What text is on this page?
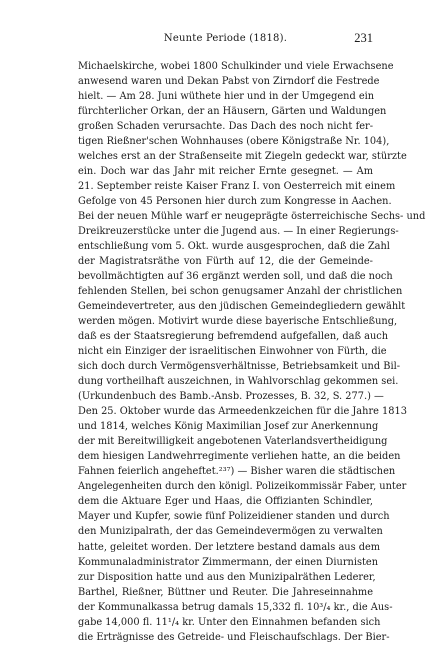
Neunte Periode (1818).	231
Michaelskirche, wobei 1800 Schulkinder und viele Erwachsene
anwesend waren und Dekan Pabst von Zirndorf die Festrede
hielt. — Am 28. Juni wüthete hier und in der Umgegend ein
fürchterlicher Orkan, der an Häusern, Gärten und Waldungen
großen Schaden verursachte. Das Dach des noch nicht fer-
tigen Rießner'schen Wohnhauses (obere Königstraße Nr. 104),
welches erst an der Straßenseite mit Ziegeln gedeckt war, stürzte
ein. Doch war das Jahr mit reicher Ernte gesegnet. — Am
21. September reiste Kaiser Franz I. von Oesterreich mit einem
Gefolge von 45 Personen hier durch zum Kongresse in Aachen.
Bei der neuen Mühle warf er neugeprägte österreichische Sechs- und
Dreikreuzerstücke unter die Jugend aus. — In einer Regierungs-
entschließung vom 5. Okt. wurde ausgesprochen, daß die Zahl
der Magistratsräthe von Fürth auf 12, die der Gemeinde-
bevollmächtigten auf 36 ergänzt werden soll, und daß die noch
fehlenden Stellen, bei schon genugsamer Anzahl der christlichen
Gemeindevertreter, aus den jüdischen Gemeindegliedern gewählt
werden mögen. Motivirt wurde diese bayerische Entschließung,
daß es der Staatsregierung befremdend aufgefallen, daß auch
nicht ein Einziger der israelitischen Einwohner von Fürth, die
sich doch durch Vermögensverhältnisse, Betriebsamkeit und Bil-
dung vortheilhaft auszeichnen, in Wahlvorschlag gekommen sei.
(Urkundenbuch des Bamb.-Ansb. Prozesses, B. 32, S. 277.) —
Den 25. Oktober wurde das Armeedenkzeichen für die Jahre 1813
und 1814, welches König Maximilian Josef zur Anerkennung
der mit Bereitwilligkeit angebotenen Vaterlandsvertheidigung
dem hiesigen Landwehrregimente verliehen hatte, an die beiden
Fahnen feierlich angeheftet.²³⁷) — Bisher waren die städtischen
Angelegenheiten durch den königl. Polizeikommissär Faber, unter
dem die Aktuare Eger und Haas, die Offizianten Schindler,
Mayer und Kupfer, sowie fünf Polizeidiener standen und durch
den Munizipalrath, der das Gemeindevermögen zu verwalten
hatte, geleitet worden. Der letztere bestand damals aus dem
Kommunaladministrator Zimmermann, der einen Diurnisten
zur Disposition hatte und aus den Munizipalräthen Lederer,
Barthel, Rießner, Büttner und Reuter. Die Jahreseinnahme
der Kommunalkassa betrug damals 15,332 fl. 10³/₄ kr., die Aus-
gabe 14,000 fl. 11¹/₄ kr. Unter den Einnahmen befanden sich
die Erträgnisse des Getreide- und Fleischaufschlags. Der Bier-
